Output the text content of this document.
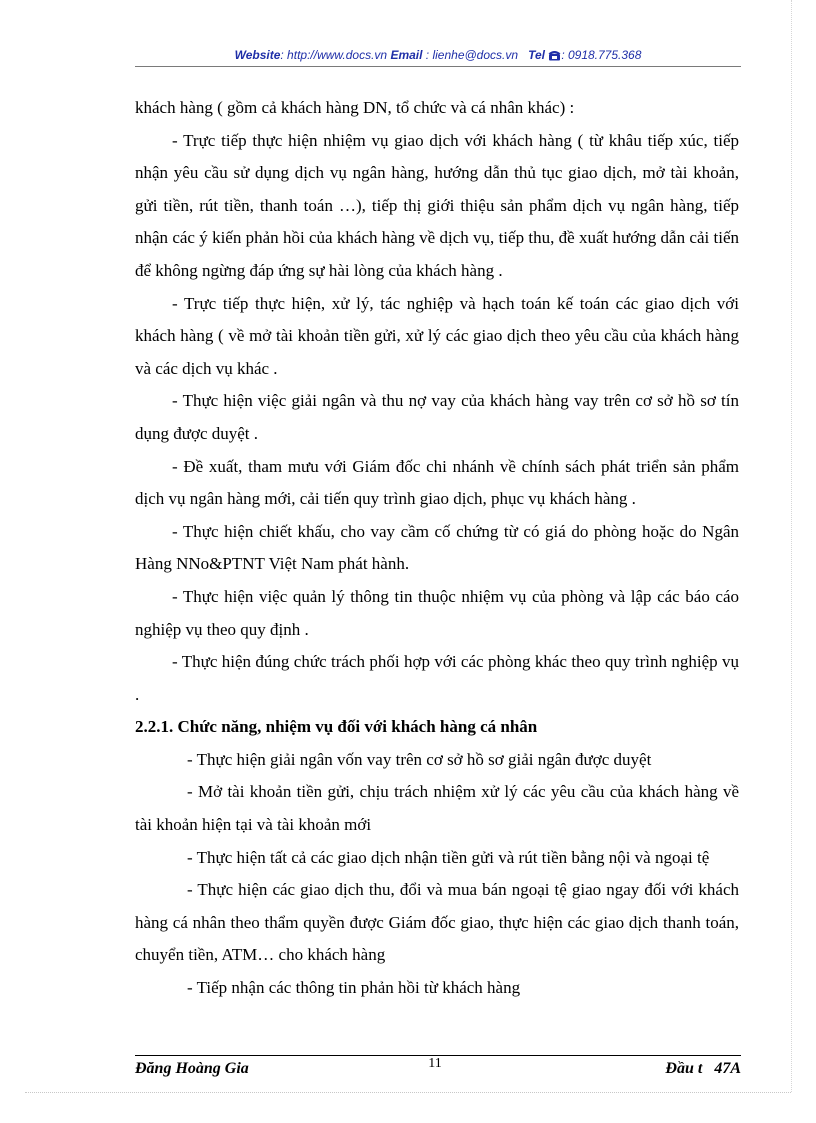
Website: http://www.docs.vn Email : lienhe@docs.vn Tel : 0918.775.368

khách hàng ( gồm cả khách hàng DN, tổ chức và cá nhân khác) :

- Trực tiếp thực hiện nhiệm vụ giao dịch với khách hàng ( từ khâu tiếp xúc, tiếp nhận yêu cầu sử dụng dịch vụ ngân hàng, hướng dẫn thủ tục giao dịch, mở tài khoản, gửi tiền, rút tiền, thanh toán …), tiếp thị giới thiệu sản phẩm dịch vụ ngân hàng, tiếp nhận các ý kiến phản hồi của khách hàng về dịch vụ, tiếp thu, đề xuất hướng dẫn cải tiến để không ngừng đáp ứng sự hài lòng của khách hàng .

- Trực tiếp thực hiện, xử lý, tác nghiệp và hạch toán kế toán các giao dịch với khách hàng ( về mở tài khoản tiền gửi, xử lý các giao dịch theo yêu cầu của khách hàng và các dịch vụ khác .

- Thực hiện việc giải ngân và thu nợ vay của khách hàng vay trên cơ sở hồ sơ tín dụng được duyệt .

- Đề xuất, tham mưu với Giám đốc chi nhánh về chính sách phát triển sản phẩm dịch vụ ngân hàng mới, cải tiến quy trình giao dịch, phục vụ khách hàng .

- Thực hiện chiết khấu, cho vay cầm cố chứng từ có giá do phòng hoặc do Ngân Hàng NNo&PTNT Việt Nam phát hành.

- Thực hiện việc quản lý thông tin thuộc nhiệm vụ của phòng và lập các báo cáo nghiệp vụ theo quy định .

- Thực hiện đúng chức trách phối hợp với các phòng khác theo quy trình nghiệp vụ .

2.2.1. Chức năng, nhiệm vụ đối với khách hàng cá nhân

- Thực hiện giải ngân vốn vay trên cơ sở hồ sơ giải ngân được duyệt

- Mở tài khoản tiền gửi, chịu trách nhiệm xử lý các yêu cầu của khách hàng về tài khoản hiện tại và tài khoản mới

- Thực hiện tất cả các giao dịch nhận tiền gửi và rút tiền bằng nội và ngoại tệ

- Thực hiện các giao dịch thu, đổi và mua bán ngoại tệ giao ngay đối với khách hàng cá nhân theo thẩm quyền được Giám đốc giao, thực hiện các giao dịch thanh toán, chuyển tiền, ATM… cho khách hàng

- Tiếp nhận các thông tin phản hồi từ khách hàng

Đăng Hoàng Gia	11	Đầu t   47A
